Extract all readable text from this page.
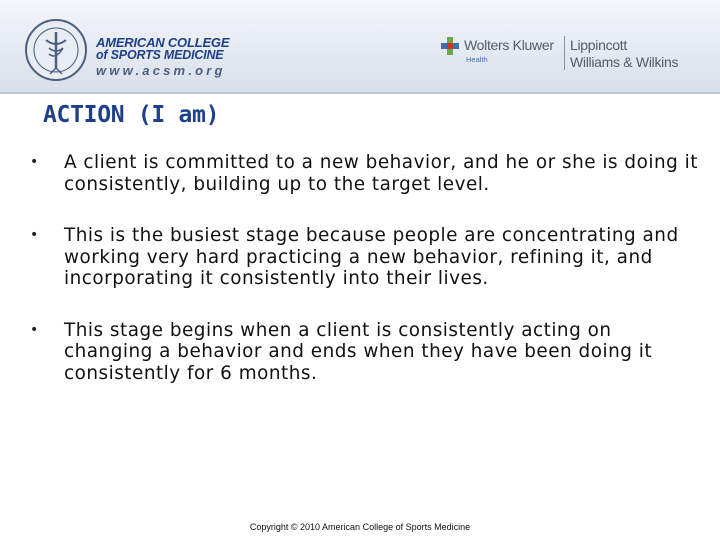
AMERICAN COLLEGE
of SPORTS MEDICINE
www.acsm.org
Wolters Kluwer
Health
Lippincott
Williams & Wilkins
ACTION (I am)
• A client is committed to a new behavior, and he or she is doing it consistently, building up to the target level.
• This is the busiest stage because people are concentrating and working very hard practicing a new behavior, refining it, and incorporating it consistently into their lives.
• This stage begins when a client is consistently acting on changing a behavior and ends when they have been doing it consistently for 6 months.
Copyright © 2010 American College of Sports Medicine
